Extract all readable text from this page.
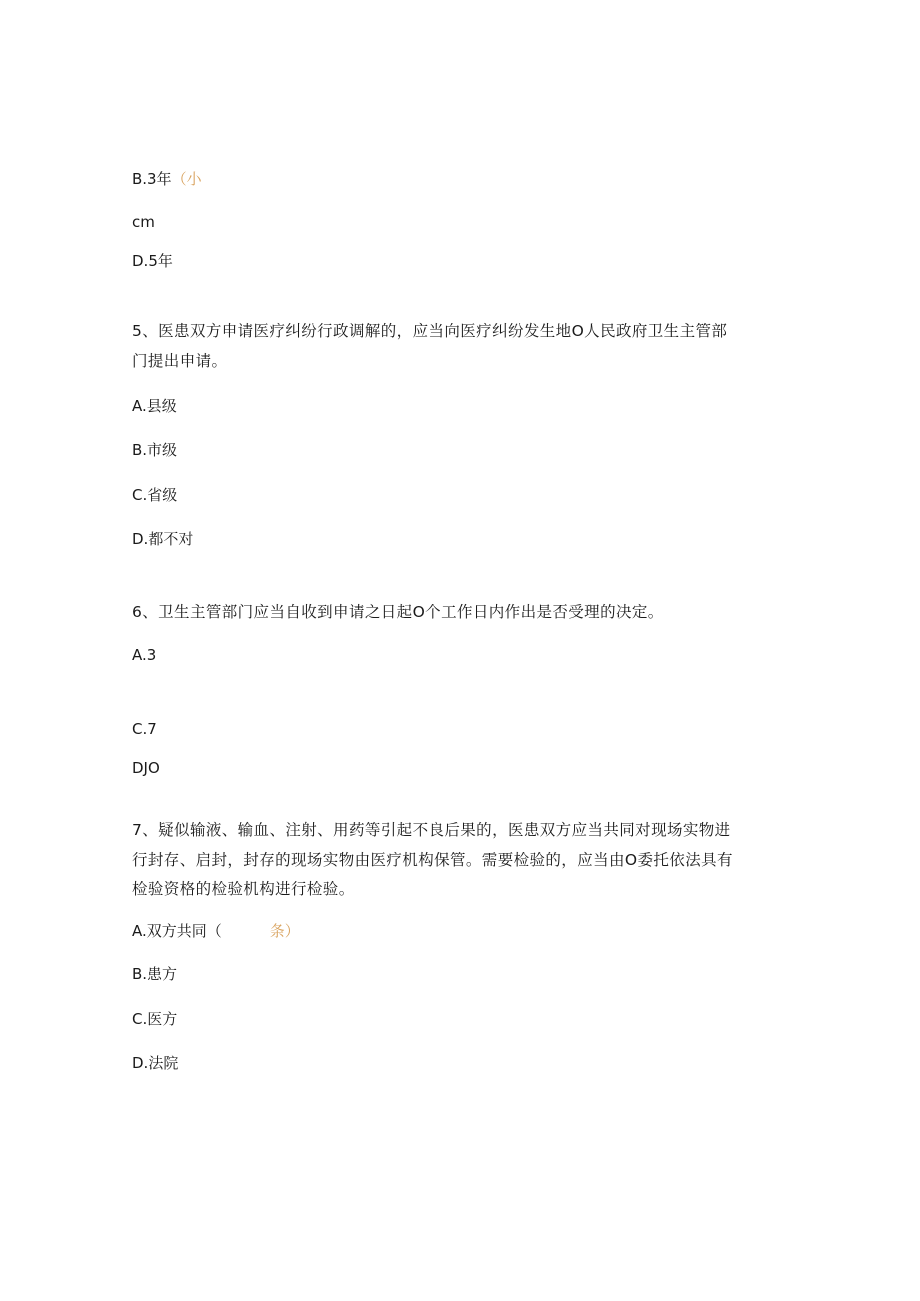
B.3年（小
cm
D.5年
5、医患双方申请医疗纠纷行政调解的，应当向医疗纠纷发生地O人民政府卫生主管部
门提出申请。
A.县级
B.市级
C.省级
D.都不对
6、卫生主管部门应当自收到申请之日起O个工作日内作出是否受理的决定。
A.3
C.7
DJO
7、疑似输液、输血、注射、用药等引起不良后果的，医患双方应当共同对现场实物进
行封存、启封，封存的现场实物由医疗机构保管。需要检验的，应当由O委托依法具有
检验资格的检验机构进行检验。
A.双方共同（	条）
B.患方
C.医方
D.法院
